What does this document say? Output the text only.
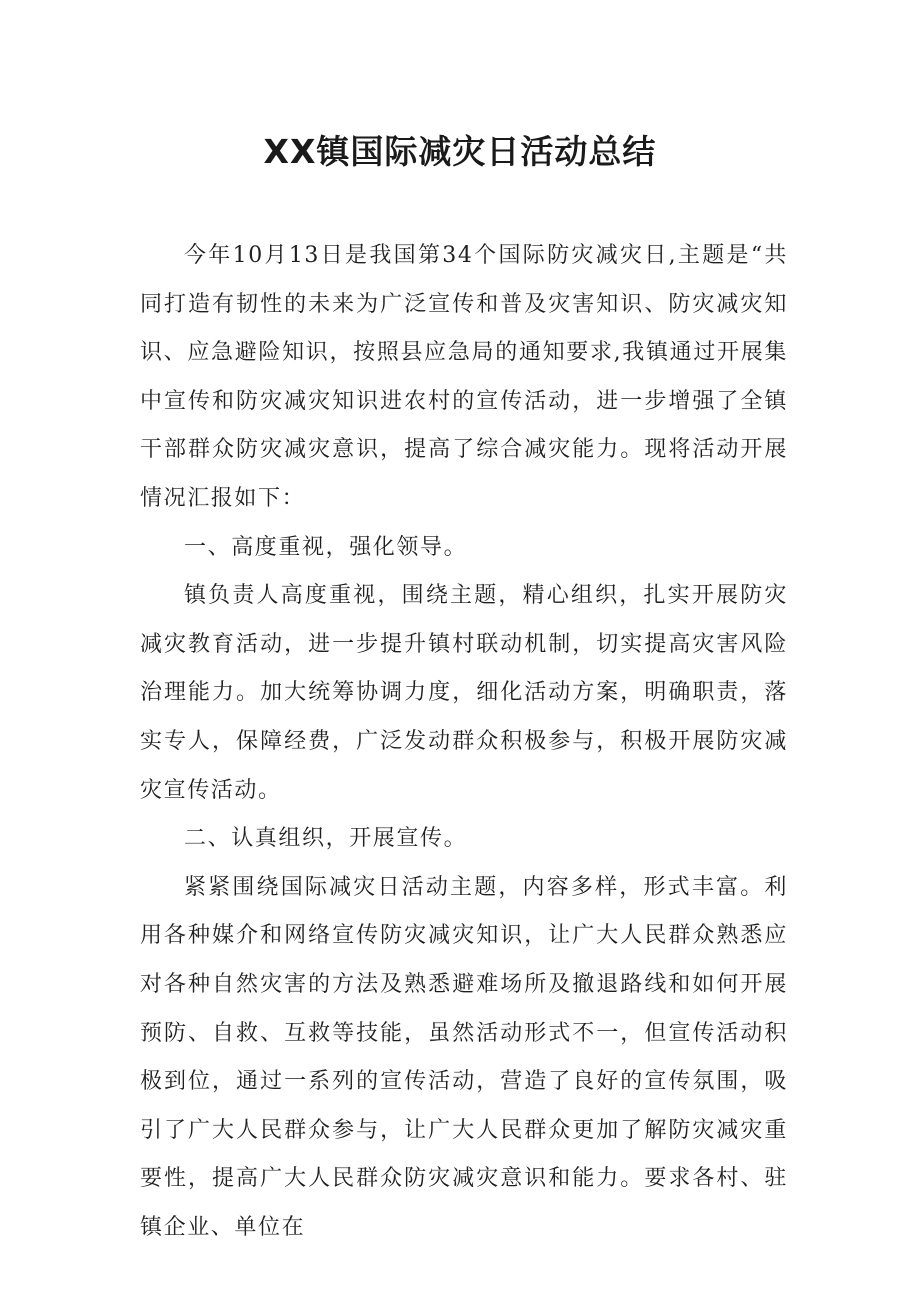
XX镇国际减灾日活动总结

今年10月13日是我国第34个国际防灾减灾日,主题是“共同打造有韧性的未来为广泛宣传和普及灾害知识、防灾减灾知识、应急避险知识，按照县应急局的通知要求,我镇通过开展集中宣传和防灾减灾知识进农村的宣传活动，进一步增强了全镇干部群众防灾减灾意识，提高了综合减灾能力。现将活动开展情况汇报如下：

一、高度重视，强化领导。

镇负责人高度重视，围绕主题，精心组织，扎实开展防灾减灾教育活动，进一步提升镇村联动机制，切实提高灾害风险治理能力。加大统筹协调力度，细化活动方案，明确职责，落实专人，保障经费，广泛发动群众积极参与，积极开展防灾减灾宣传活动。

二、认真组织，开展宣传。

紧紧围绕国际减灾日活动主题，内容多样，形式丰富。利用各种媒介和网络宣传防灾减灾知识，让广大人民群众熟悉应对各种自然灾害的方法及熟悉避难场所及撤退路线和如何开展预防、自救、互救等技能，虽然活动形式不一，但宣传活动积极到位，通过一系列的宣传活动，营造了良好的宣传氛围，吸引了广大人民群众参与，让广大人民群众更加了解防灾减灾重要性，提高广大人民群众防灾减灾意识和能力。要求各村、驻镇企业、单位在
